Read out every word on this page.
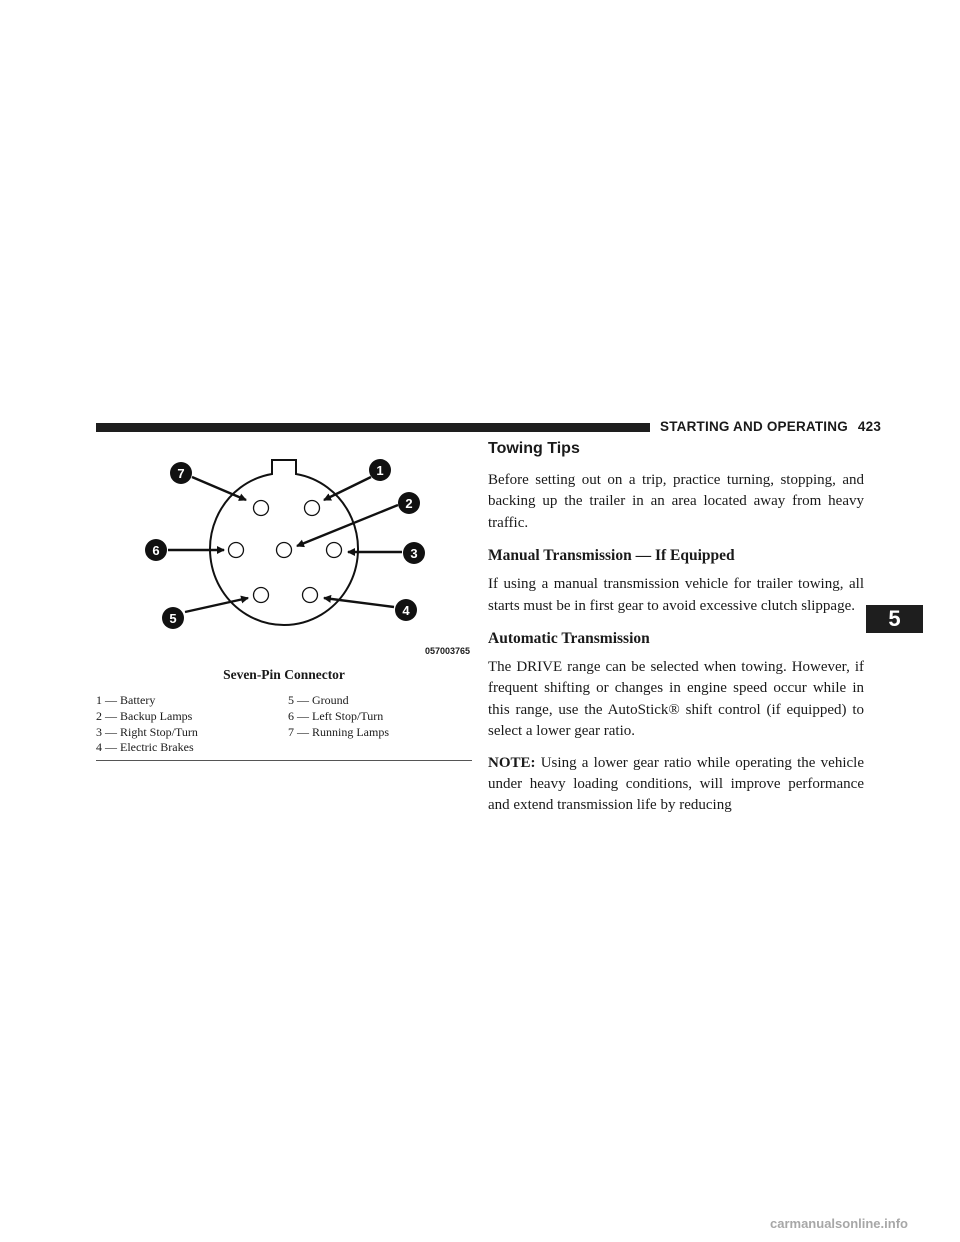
STARTING AND OPERATING 423
7	1
2
6	3
5
4
057003765
Seven-Pin Connector
1 — Battery	5 — Ground
2 — Backup Lamps	6 — Left Stop/Turn
3 — Right Stop/Turn	7 — Running Lamps
4 — Electric Brakes
Towing Tips

Before setting out on a trip, practice turning, stopping, and backing up the trailer in an area located away from heavy traffic.

Manual Transmission — If Equipped

If using a manual transmission vehicle for trailer towing, all starts must be in first gear to avoid excessive clutch slippage.

Automatic Transmission

The DRIVE range can be selected when towing. However, if frequent shifting or changes in engine speed occur while in this range, use the AutoStick® shift control (if equipped) to select a lower gear ratio.

NOTE: Using a lower gear ratio while operating the vehicle under heavy loading conditions, will improve performance and extend transmission life by reducing

5
carmanualsonline.info
